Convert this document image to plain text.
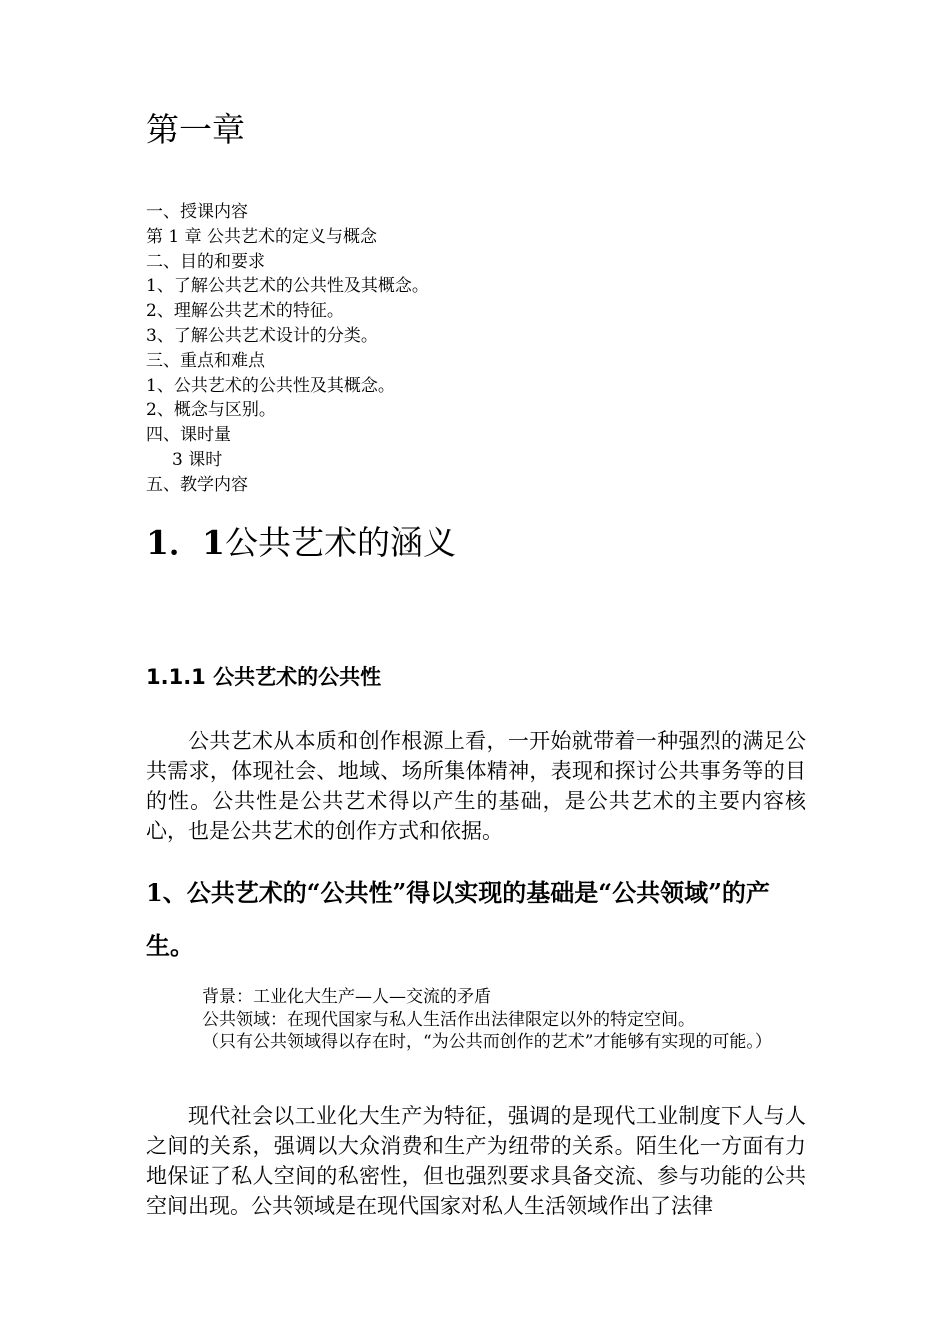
第一章
一、授课内容
第 1 章 公共艺术的定义与概念
二、目的和要求
1、了解公共艺术的公共性及其概念。
2、理解公共艺术的特征。
3、了解公共艺术设计的分类。
三、重点和难点
1、公共艺术的公共性及其概念。
2、概念与区别。
四、课时量
3 课时
五、教学内容
1．1公共艺术的涵义
1.1.1 公共艺术的公共性

公共艺术从本质和创作根源上看，一开始就带着一种强烈的满足公共需求，体现社会、地域、场所集体精神，表现和探讨公共事务等的目的性。公共性是公共艺术得以产生的基础，是公共艺术的主要内容核心，也是公共艺术的创作方式和依据。

1、公共艺术的“公共性”得以实现的基础是“公共领域”的产生。
背景：工业化大生产—人—交流的矛盾
公共领域：在现代国家与私人生活作出法律限定以外的特定空间。
（只有公共领域得以存在时，“为公共而创作的艺术”才能够有实现的可能。）

现代社会以工业化大生产为特征，强调的是现代工业制度下人与人之间的关系，强调以大众消费和生产为纽带的关系。陌生化一方面有力地保证了私人空间的私密性，但也强烈要求具备交流、参与功能的公共空间出现。公共领域是在现代国家对私人生活领域作出了法律
